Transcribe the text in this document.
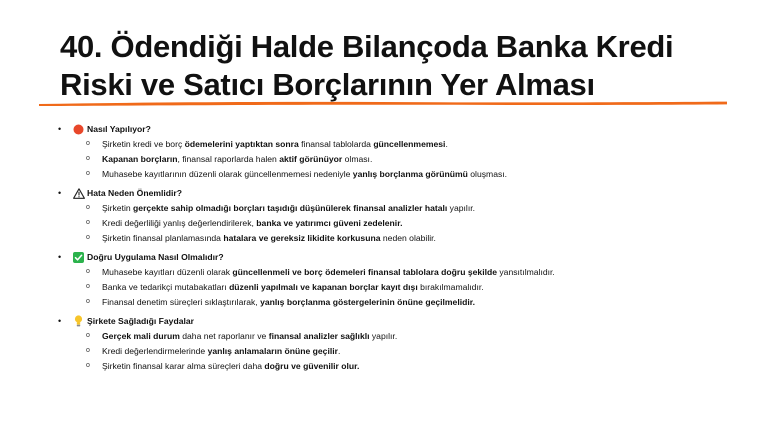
40. Ödendiği Halde Bilançoda Banka Kredi
Riski ve Satıcı Borçlarının Yer Alması
•	Nasıl Yapılıyor?
o	Şirketin kredi ve borç ödemelerini yaptıktan sonra finansal tablolarda güncellenmemesi.
o	Kapanan borçların, finansal raporlarda halen aktif görünüyor olması.
o	Muhasebe kayıtlarının düzenli olarak güncellenmemesi nedeniyle yanlış borçlanma görünümü oluşması.
•	Hata Neden Önemlidir?
o	Şirketin gerçekte sahip olmadığı borçları taşıdığı düşünülerek finansal analizler hatalı yapılır.
o	Kredi değerliliği yanlış değerlendirilerek, banka ve yatırımcı güveni zedelenir.
o	Şirketin finansal planlamasında hatalara ve gereksiz likidite korkusuna neden olabilir.
•	Doğru Uygulama Nasıl Olmalıdır?
o	Muhasebe kayıtları düzenli olarak güncellenmeli ve borç ödemeleri finansal tablolara doğru şekilde yansıtılmalıdır.
o	Banka ve tedarikçi mutabakatları düzenli yapılmalı ve kapanan borçlar kayıt dışı bırakılmamalıdır.
o	Finansal denetim süreçleri sıklaştırılarak, yanlış borçlanma göstergelerinin önüne geçilmelidir.
•	Şirkete Sağladığı Faydalar
o	Gerçek mali durum daha net raporlanır ve finansal analizler sağlıklı yapılır.
o	Kredi değerlendirmelerinde yanlış anlamaların önüne geçilir.
o	Şirketin finansal karar alma süreçleri daha doğru ve güvenilir olur.
